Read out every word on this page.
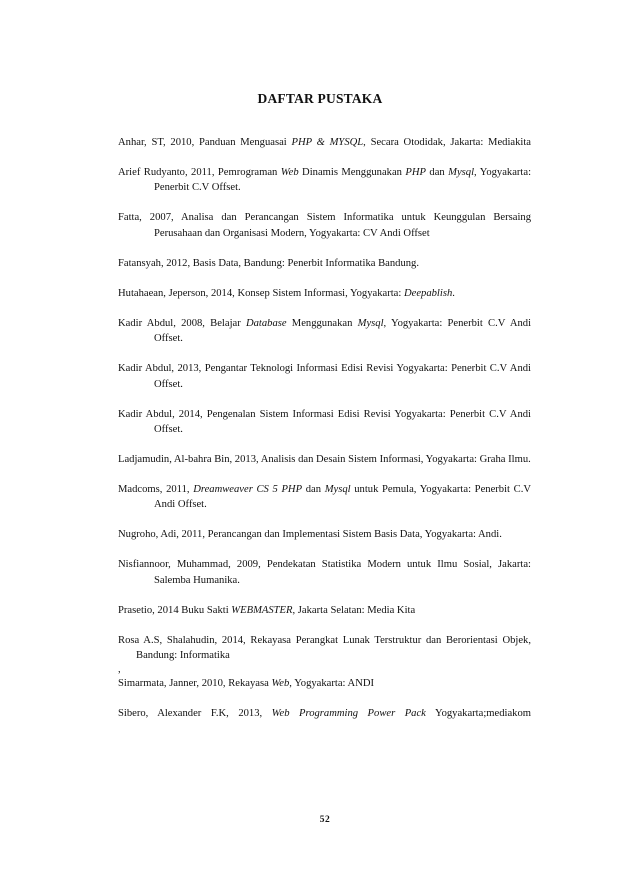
DAFTAR PUSTAKA

Anhar, ST, 2010, Panduan Menguasai PHP & MYSQL, Secara Otodidak, Jakarta: Mediakita

Arief Rudyanto, 2011, Pemrograman Web Dinamis Menggunakan PHP dan Mysql, Yogyakarta: Penerbit C.V Offset.

Fatta, 2007, Analisa dan Perancangan Sistem Informatika untuk Keunggulan Bersaing Perusahaan dan Organisasi Modern, Yogyakarta: CV Andi Offset

Fatansyah, 2012, Basis Data, Bandung: Penerbit Informatika Bandung.

Hutahaean, Jeperson, 2014, Konsep Sistem Informasi, Yogyakarta: Deepablish.

Kadir Abdul, 2008, Belajar Database Menggunakan Mysql, Yogyakarta: Penerbit C.V Andi Offset.

Kadir Abdul, 2013, Pengantar Teknologi Informasi Edisi Revisi Yogyakarta: Penerbit C.V Andi Offset.

Kadir Abdul, 2014, Pengenalan Sistem Informasi Edisi Revisi Yogyakarta: Penerbit C.V Andi Offset.

Ladjamudin, Al-bahra Bin, 2013, Analisis dan Desain Sistem Informasi, Yogyakarta: Graha Ilmu.

Madcoms, 2011, Dreamweaver CS 5 PHP dan Mysql untuk Pemula, Yogyakarta: Penerbit C.V Andi Offset.

Nugroho, Adi, 2011, Perancangan dan Implementasi Sistem Basis Data, Yogyakarta: Andi.

Nisfiannoor, Muhammad, 2009, Pendekatan Statistika Modern untuk Ilmu Sosial, Jakarta: Salemba Humanika.

Prasetio, 2014 Buku Sakti WEBMASTER, Jakarta Selatan: Media Kita

Rosa A.S, Shalahudin, 2014, Rekayasa Perangkat Lunak Terstruktur dan Berorientasi Objek, Bandung: Informatika

,

Simarmata, Janner, 2010, Rekayasa Web, Yogyakarta: ANDI

Sibero, Alexander F.K, 2013, Web Programming Power Pack Yogyakarta;mediakom

52
